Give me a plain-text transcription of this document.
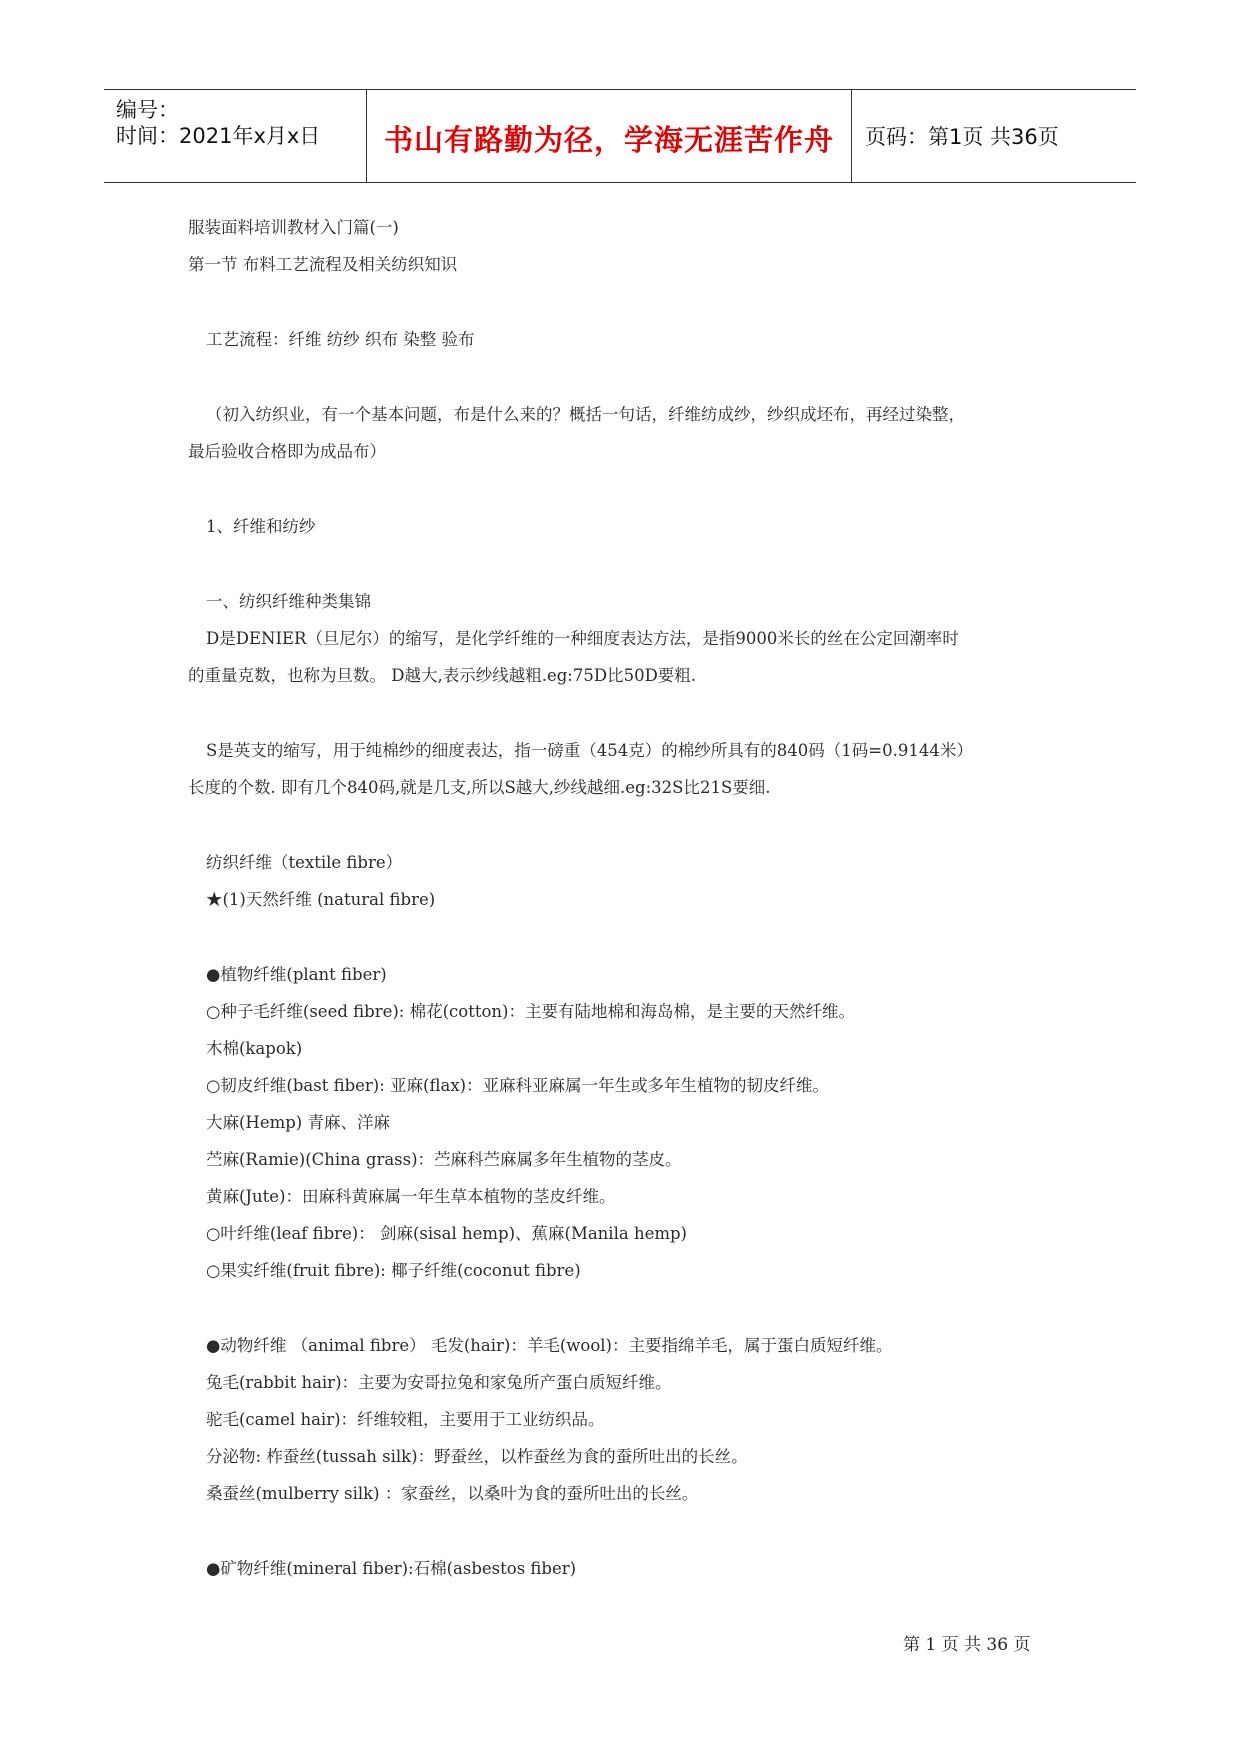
编号：
时间：2021年x月x日	书山有路勤为径，学海无涯苦作舟	页码：第1页 共36页
服装面料培训教材入门篇(一)
第一节 布料工艺流程及相关纺织知识
工艺流程：纤维 纺纱 织布 染整 验布
（初入纺织业，有一个基本问题，布是什么来的？概括一句话，纤维纺成纱，纱织成坯布，再经过染整，
最后验收合格即为成品布）
1、纤维和纺纱
一、纺织纤维种类集锦
D是DENIER（旦尼尔）的缩写，是化学纤维的一种细度表达方法，是指9000米长的丝在公定回潮率时
的重量克数，也称为旦数。 D越大,表示纱线越粗.eg:75D比50D要粗.
S是英支的缩写，用于纯棉纱的细度表达，指一磅重（454克）的棉纱所具有的840码（1码=0.9144米）
长度的个数. 即有几个840码,就是几支,所以S越大,纱线越细.eg:32S比21S要细.
纺织纤维（textile fibre）
★(1)天然纤维 (natural fibre)
●植物纤维(plant fiber)
○种子毛纤维(seed fibre): 棉花(cotton)：主要有陆地棉和海岛棉，是主要的天然纤维。
木棉(kapok)
○韧皮纤维(bast fiber): 亚麻(flax)：亚麻科亚麻属一年生或多年生植物的韧皮纤维。
大麻(Hemp) 青麻、洋麻
苎麻(Ramie)(China grass)：苎麻科苎麻属多年生植物的茎皮。
黄麻(Jute)：田麻科黄麻属一年生草本植物的茎皮纤维。
○叶纤维(leaf fibre)： 剑麻(sisal hemp)、蕉麻(Manila hemp)
○果实纤维(fruit fibre): 椰子纤维(coconut fibre)
●动物纤维 （animal fibre） 毛发(hair)：羊毛(wool)：主要指绵羊毛，属于蛋白质短纤维。
兔毛(rabbit hair)：主要为安哥拉兔和家兔所产蛋白质短纤维。
驼毛(camel hair)：纤维较粗，主要用于工业纺织品。
分泌物: 柞蚕丝(tussah silk)：野蚕丝，以柞蚕丝为食的蚕所吐出的长丝。
桑蚕丝(mulberry silk) ：家蚕丝，以桑叶为食的蚕所吐出的长丝。
●矿物纤维(mineral fiber):石棉(asbestos fiber)
第 1 页 共 36 页
